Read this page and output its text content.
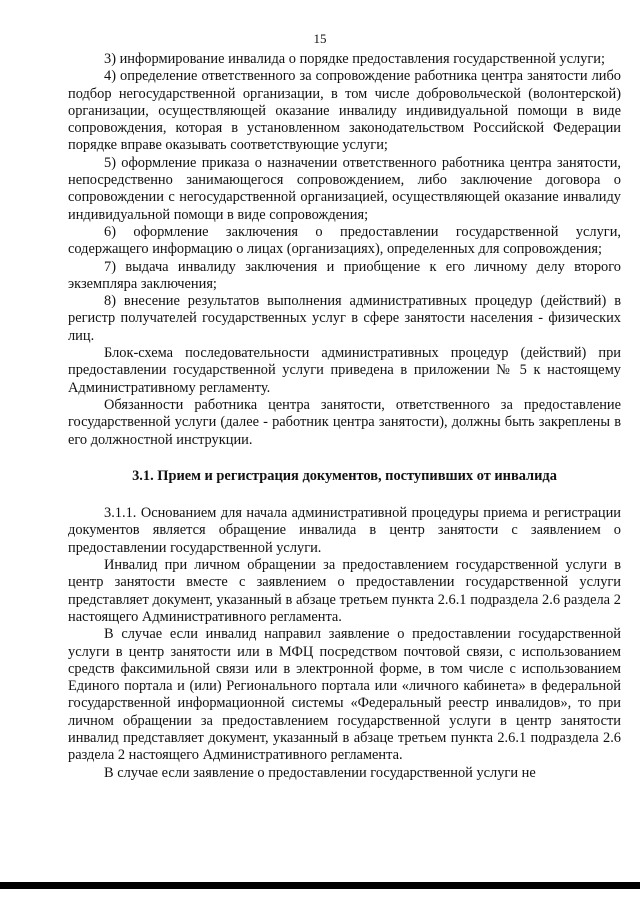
15

3) информирование инвалида о порядке предоставления государственной услуги;

4) определение ответственного за сопровождение работника центра занятости либо подбор негосударственной организации, в том числе добровольческой (волонтерской) организации, осуществляющей оказание инвалиду индивидуальной помощи в виде сопровождения, которая в установленном законодательством Российской Федерации порядке вправе оказывать соответствующие услуги;

5) оформление приказа о назначении ответственного работника центра занятости, непосредственно занимающегося сопровождением, либо заключение договора о сопровождении с негосударственной организацией, осуществляющей оказание инвалиду индивидуальной помощи в виде сопровождения;

6) оформление заключения о предоставлении государственной услуги, содержащего информацию о лицах (организациях), определенных для сопровождения;

7) выдача инвалиду заключения и приобщение к его личному делу второго экземпляра заключения;

8) внесение результатов выполнения административных процедур (действий) в регистр получателей государственных услуг в сфере занятости населения - физических лиц.

Блок-схема последовательности административных процедур (действий) при предоставлении государственной услуги приведена в приложении № 5 к настоящему Административному регламенту.

Обязанности работника центра занятости, ответственного за предоставление государственной услуги (далее - работник центра занятости), должны быть закреплены в его должностной инструкции.

3.1. Прием и регистрация документов, поступивших от инвалида

3.1.1. Основанием для начала административной процедуры приема и регистрации документов является обращение инвалида в центр занятости с заявлением о предоставлении государственной услуги.

Инвалид при личном обращении за предоставлением государственной услуги в центр занятости вместе с заявлением о предоставлении государственной услуги представляет документ, указанный в абзаце третьем пункта 2.6.1 подраздела 2.6 раздела 2 настоящего Административного регламента.

В случае если инвалид направил заявление о предоставлении государственной услуги в центр занятости или в МФЦ посредством почтовой связи, с использованием средств факсимильной связи или в электронной форме, в том числе с использованием Единого портала и (или) Регионального портала или «личного кабинета» в федеральной государственной информационной системы «Федеральный реестр инвалидов», то при личном обращении за предоставлением государственной услуги в центр занятости инвалид представляет документ, указанный в абзаце третьем пункта 2.6.1 подраздела 2.6 раздела 2 настоящего Административного регламента.

В случае если заявление о предоставлении государственной услуги не
